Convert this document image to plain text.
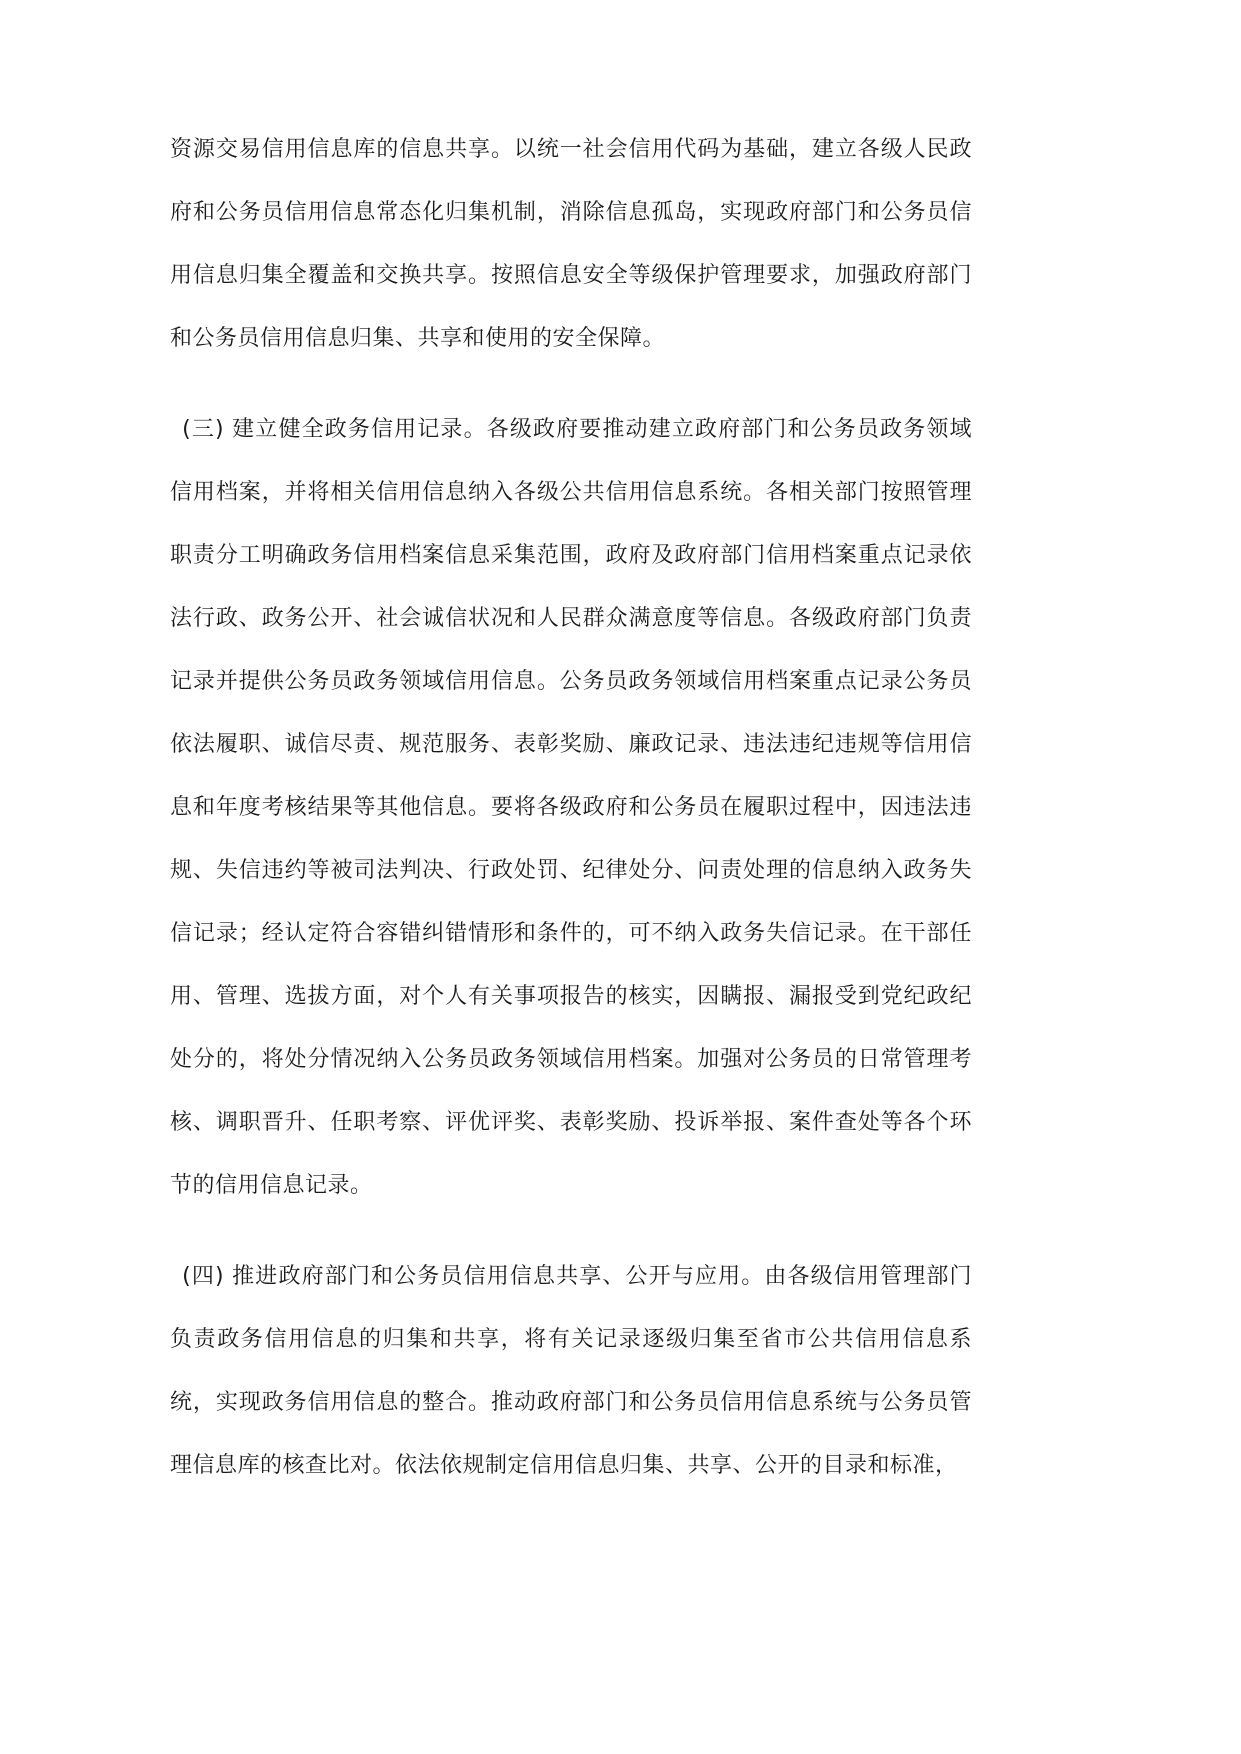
资源交易信用信息库的信息共享。以统一社会信用代码为基础，建立各级人民政府和公务员信用信息常态化归集机制，消除信息孤岛，实现政府部门和公务员信用信息归集全覆盖和交换共享。按照信息安全等级保护管理要求，加强政府部门和公务员信用信息归集、共享和使用的安全保障。

(三) 建立健全政务信用记录。各级政府要推动建立政府部门和公务员政务领域信用档案，并将相关信用信息纳入各级公共信用信息系统。各相关部门按照管理职责分工明确政务信用档案信息采集范围，政府及政府部门信用档案重点记录依法行政、政务公开、社会诚信状况和人民群众满意度等信息。各级政府部门负责记录并提供公务员政务领域信用信息。公务员政务领域信用档案重点记录公务员依法履职、诚信尽责、规范服务、表彰奖励、廉政记录、违法违纪违规等信用信息和年度考核结果等其他信息。要将各级政府和公务员在履职过程中，因违法违规、失信违约等被司法判决、行政处罚、纪律处分、问责处理的信息纳入政务失信记录；经认定符合容错纠错情形和条件的，可不纳入政务失信记录。在干部任用、管理、选拔方面，对个人有关事项报告的核实，因瞒报、漏报受到党纪政纪处分的，将处分情况纳入公务员政务领域信用档案。加强对公务员的日常管理考核、调职晋升、任职考察、评优评奖、表彰奖励、投诉举报、案件查处等各个环节的信用信息记录。

(四) 推进政府部门和公务员信用信息共享、公开与应用。由各级信用管理部门负责政务信用信息的归集和共享，将有关记录逐级归集至省市公共信用信息系统，实现政务信用信息的整合。推动政府部门和公务员信用信息系统与公务员管理信息库的核查比对。依法依规制定信用信息归集、共享、公开的目录和标准，
